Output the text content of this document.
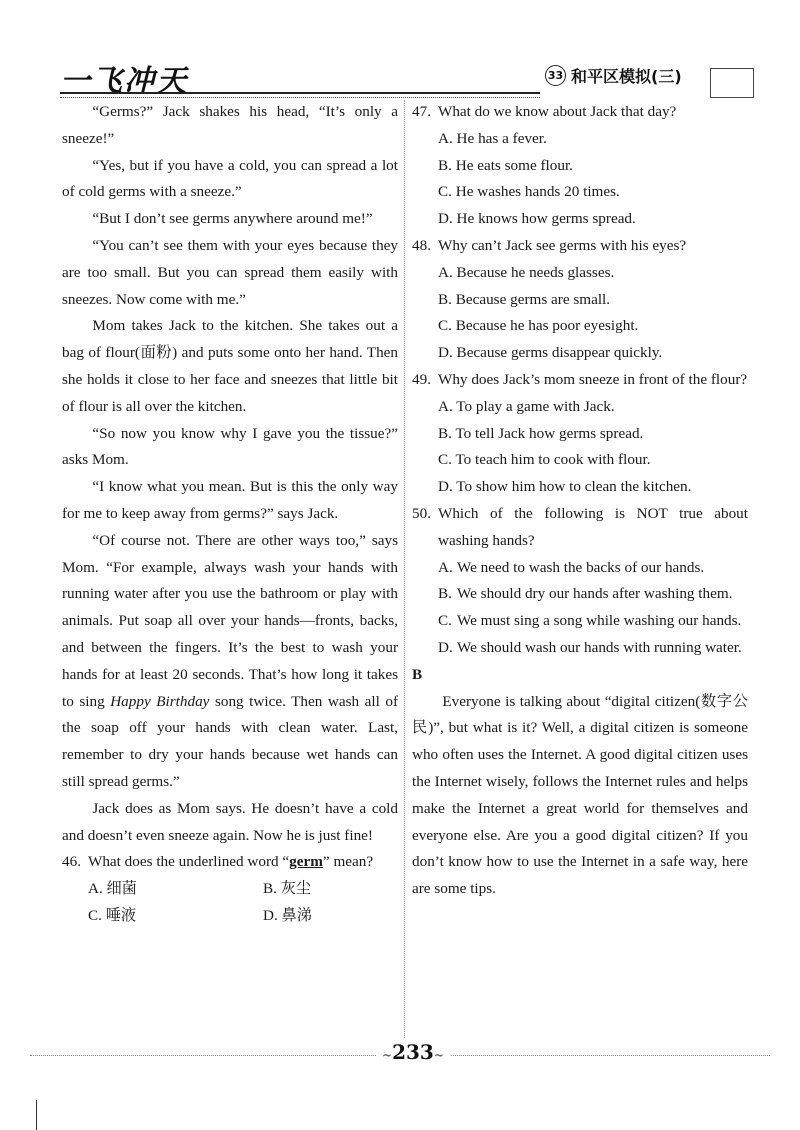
一飞冲天	33 和平区模拟(三)

“Germs?” Jack shakes his head, “It’s only a sneeze!”

“Yes, but if you have a cold, you can spread a lot of cold germs with a sneeze.”

“But I don’t see germs anywhere around me!”

“You can’t see them with your eyes because they are too small. But you can spread them easily with sneezes. Now come with me.”

Mom takes Jack to the kitchen. She takes out a bag of flour(面粉) and puts some onto her hand. Then she holds it close to her face and sneezes that little bit of flour is all over the kitchen.

“So now you know why I gave you the tissue?” asks Mom.

“I know what you mean. But is this the only way for me to keep away from germs?” says Jack.

“Of course not. There are other ways too,” says Mom. “For example, always wash your hands with running water after you use the bathroom or play with animals. Put soap all over your hands—fronts, backs, and between the fingers. It’s the best to wash your hands for at least 20 seconds. That’s how long it takes to sing Happy Birthday song twice. Then wash all of the soap off your hands with clean water. Last, remember to dry your hands because wet hands can still spread germs.”

Jack does as Mom says. He doesn’t have a cold and doesn’t even sneeze again. Now he is just fine!

46. What does the underlined word “germ” mean?
A. 细菌	B. 灰尘
C. 唾液	D. 鼻涕
47. What do we know about Jack that day?
A. He has a fever.
B. He eats some flour.
C. He washes hands 20 times.
D. He knows how germs spread.
48. Why can’t Jack see germs with his eyes?
A. Because he needs glasses.
B. Because germs are small.
C. Because he has poor eyesight.
D. Because germs disappear quickly.
49. Why does Jack’s mom sneeze in front of the flour?
A. To play a game with Jack.
B. To tell Jack how germs spread.
C. To teach him to cook with flour.
D. To show him how to clean the kitchen.
50. Which of the following is NOT true about washing hands?
A. We need to wash the backs of our hands.
B. We should dry our hands after washing them.
C. We must sing a song while washing our hands.
D. We should wash our hands with running water.

B

Everyone is talking about “digital citizen(数字公民)”, but what is it? Well, a digital citizen is someone who often uses the Internet. A good digital citizen uses the Internet wisely, follows the Internet rules and helps make the Internet a great world for themselves and everyone else. Are you a good digital citizen? If you don’t know how to use the Internet in a safe way, here are some tips.

~ 233 ~
